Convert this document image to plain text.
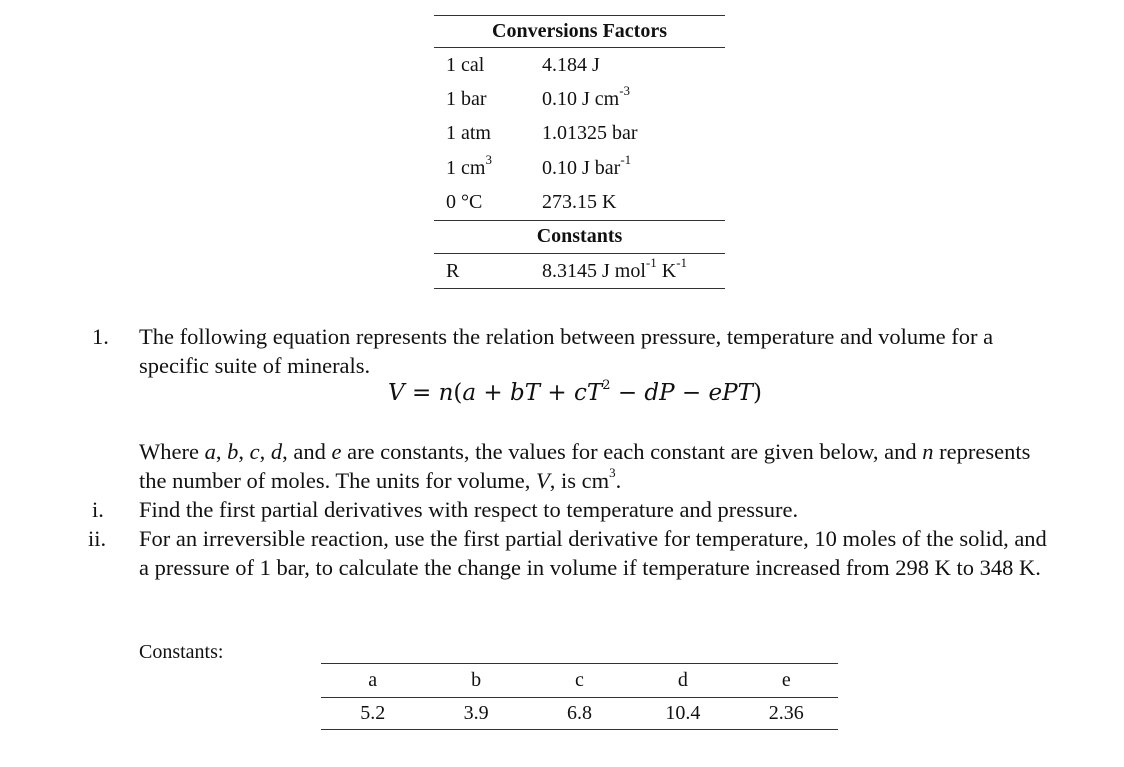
Conversions Factors	
1 cal	4.184 J
1 bar	0.10 J $cm^{-3}$
1 atm	1.01325 bar
1 $cm^3$	0.10 J bar$^{-1}$
0 °C	273.15 K
Constants	
R	8.3145 J mol$^{-1}$ $K^{-1}$
1. The following equation represents the relation between pressure, temperature and volume for a specific suite of minerals.
V = n(a + bT + $cT^2$ − dP − ePT)
Where a, b, c, d, and e are constants, the values for each constant are given below, and n represents the number of moles. The units for volume, V, is $cm^3$.
i. Find the first partial derivatives with respect to temperature and pressure.
ii. For an irreversible reaction, use the first partial derivative for temperature, 10 moles of the solid, and a pressure of 1 bar, to calculate the change in volume if temperature increased from 298 K to 348 K.
Constants:
a	b	c	d	e
5.2	3.9	6.8	10.4	2.36
